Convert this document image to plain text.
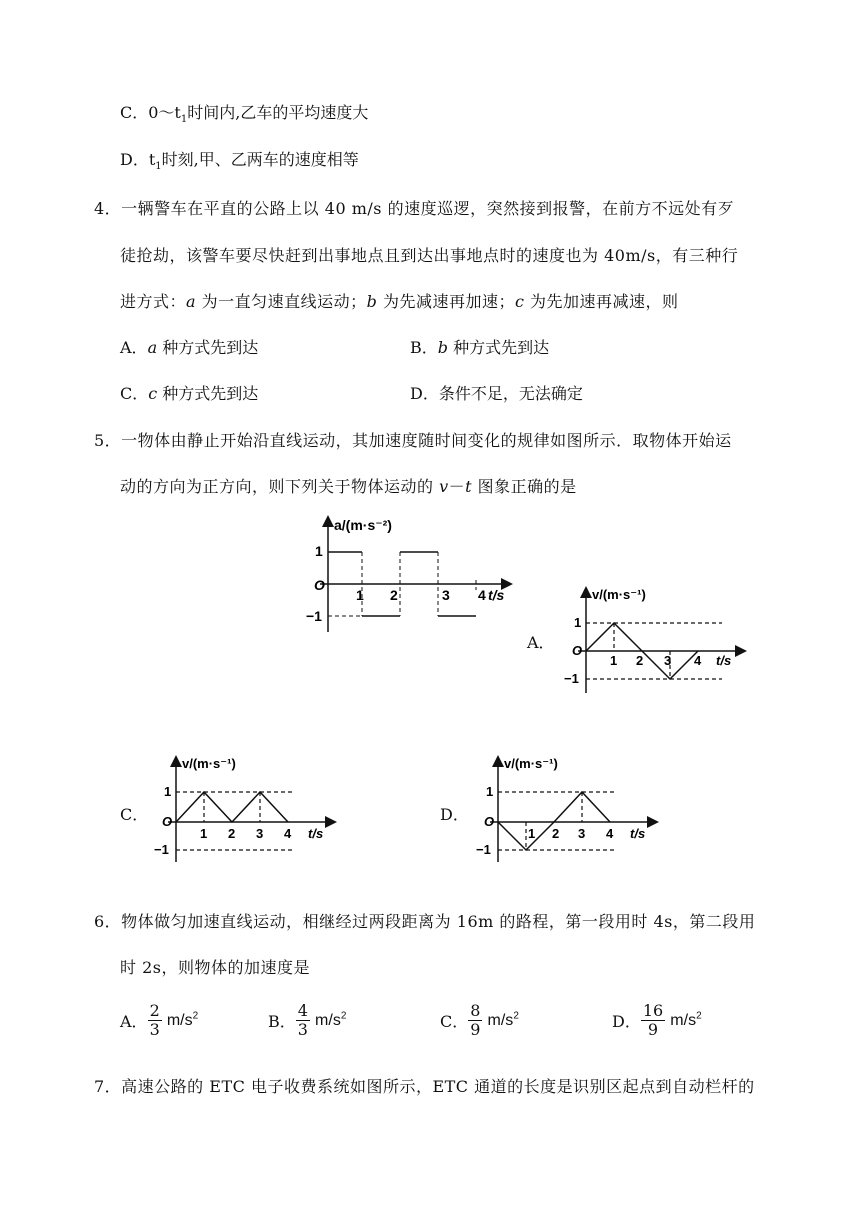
C．$0\sim t_1$时间内,乙车的平均速度大
D．$t_1$时刻,甲、乙两车的速度相等
4．一辆警车在平直的公路上以 40 m/s 的速度巡逻，突然接到报警，在前方不远处有歹
徒抢劫，该警车要尽快赶到出事地点且到达出事地点时的速度也为 40m/s，有三种行
进方式：a 为一直匀速直线运动；b 为先减速再加速；c 为先加速再减速，则
A．a 种方式先到达	B．b 种方式先到达
C．c 种方式先到达	D．条件不足，无法确定
5．一物体由静止开始沿直线运动，其加速度随时间变化的规律如图所示．取物体开始运
动的方向为正方向，则下列关于物体运动的 v－t 图象正确的是
a/(m·s⁻²)
O
1
−1
1 2	3 4 t/s
A．
v/(m·s⁻¹)
O
1
−1
1 2 3 4 t/s
C．
v/(m·s⁻¹)
O
1
−1
1 2 3 4 t/s
D．
v/(m·s⁻¹)
O
1
−1
1 2 3 4 t/s
6．物体做匀加速直线运动，相继经过两段距离为 16m 的路程，第一段用时 4s，第二段用
时 2s，则物体的加速度是
A． $\frac{2}{3} m/s^2$	B． $\frac{4}{3} m/s^2$	C． $\frac{8}{9} m/s^2$	D． $\frac{16}{9} m/s^2$
7．高速公路的 ETC 电子收费系统如图所示，ETC 通道的长度是识别区起点到自动栏杆的
